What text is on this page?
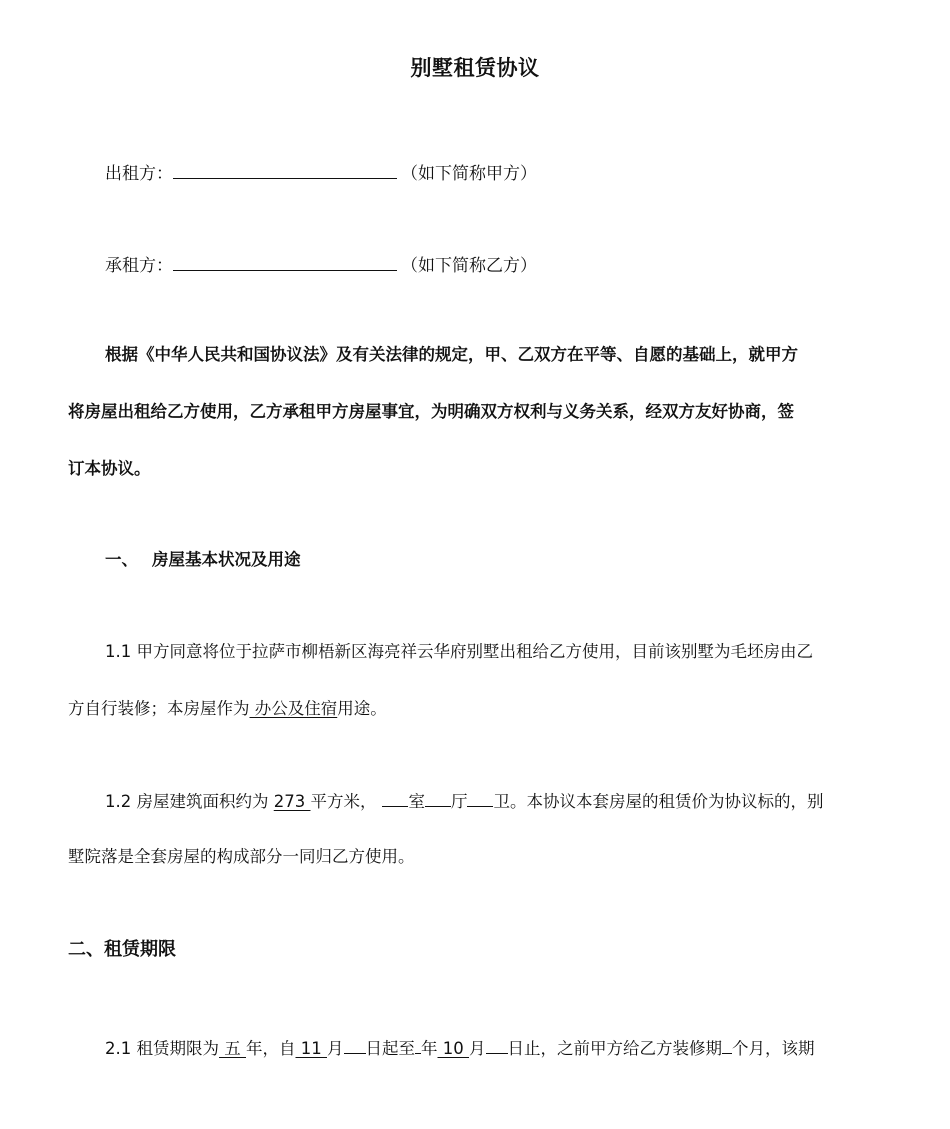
别墅租赁协议
出租方：	（如下简称甲方）
承租方：	（如下简称乙方）
根据《中华人民共和国协议法》及有关法律的规定，甲、乙双方在平等、自愿的基础上，就甲方
将房屋出租给乙方使用，乙方承租甲方房屋事宜，为明确双方权利与义务关系，经双方友好协商，签
订本协议。
一、 房屋基本状况及用途
1.1 甲方同意将位于拉萨市柳梧新区海亮祥云华府别墅出租给乙方使用，目前该别墅为毛坯房由乙
方自行装修；本房屋作为 办公及住宿用途。
1.2 房屋建筑面积约为 273 平方米， 室 厅 卫。本协议本套房屋的租赁价为协议标的，别
墅院落是全套房屋的构成部分一同归乙方使用。
二、租赁期限
2.1 租赁期限为 五 年，自 11 月 日起至 年 10 月 日止，之前甲方给乙方装修期 个月，该期
